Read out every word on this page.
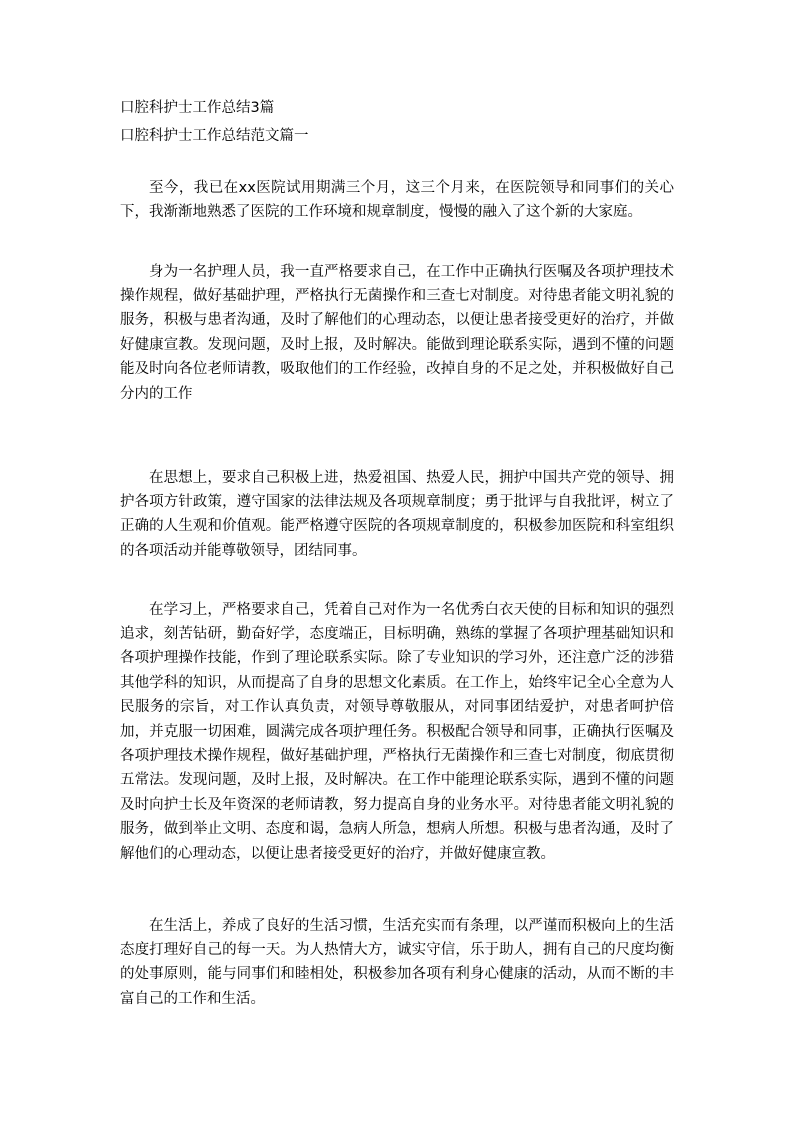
口腔科护士工作总结3篇
口腔科护士工作总结范文篇一

至今，我已在xx医院试用期满三个月，这三个月来，在医院领导和同事们的关心下，我渐渐地熟悉了医院的工作环境和规章制度，慢慢的融入了这个新的大家庭。

身为一名护理人员，我一直严格要求自己，在工作中正确执行医嘱及各项护理技术操作规程，做好基础护理，严格执行无菌操作和三查七对制度。对待患者能文明礼貌的服务，积极与患者沟通，及时了解他们的心理动态，以便让患者接受更好的治疗，并做好健康宣教。发现问题，及时上报，及时解决。能做到理论联系实际，遇到不懂的问题能及时向各位老师请教，吸取他们的工作经验，改掉自身的不足之处，并积极做好自己分内的工作

在思想上，要求自己积极上进，热爱祖国、热爱人民，拥护中国共产党的领导、拥护各项方针政策，遵守国家的法律法规及各项规章制度；勇于批评与自我批评，树立了正确的人生观和价值观。能严格遵守医院的各项规章制度的，积极参加医院和科室组织的各项活动并能尊敬领导，团结同事。

在学习上，严格要求自己，凭着自己对作为一名优秀白衣天使的目标和知识的强烈追求，刻苦钻研，勤奋好学，态度端正，目标明确，熟练的掌握了各项护理基础知识和各项护理操作技能，作到了理论联系实际。除了专业知识的学习外，还注意广泛的涉猎其他学科的知识，从而提高了自身的思想文化素质。在工作上，始终牢记全心全意为人民服务的宗旨，对工作认真负责，对领导尊敬服从，对同事团结爱护，对患者呵护倍加，并克服一切困难，圆满完成各项护理任务。积极配合领导和同事，正确执行医嘱及各项护理技术操作规程，做好基础护理，严格执行无菌操作和三查七对制度，彻底贯彻五常法。发现问题，及时上报，及时解决。在工作中能理论联系实际，遇到不懂的问题及时向护士长及年资深的老师请教，努力提高自身的业务水平。对待患者能文明礼貌的服务，做到举止文明、态度和谒，急病人所急，想病人所想。积极与患者沟通，及时了解他们的心理动态，以便让患者接受更好的治疗，并做好健康宣教。

在生活上，养成了良好的生活习惯，生活充实而有条理，以严谨而积极向上的生活态度打理好自己的每一天。为人热情大方，诚实守信，乐于助人，拥有自己的尺度均衡的处事原则，能与同事们和睦相处，积极参加各项有利身心健康的活动，从而不断的丰富自己的工作和生活。
